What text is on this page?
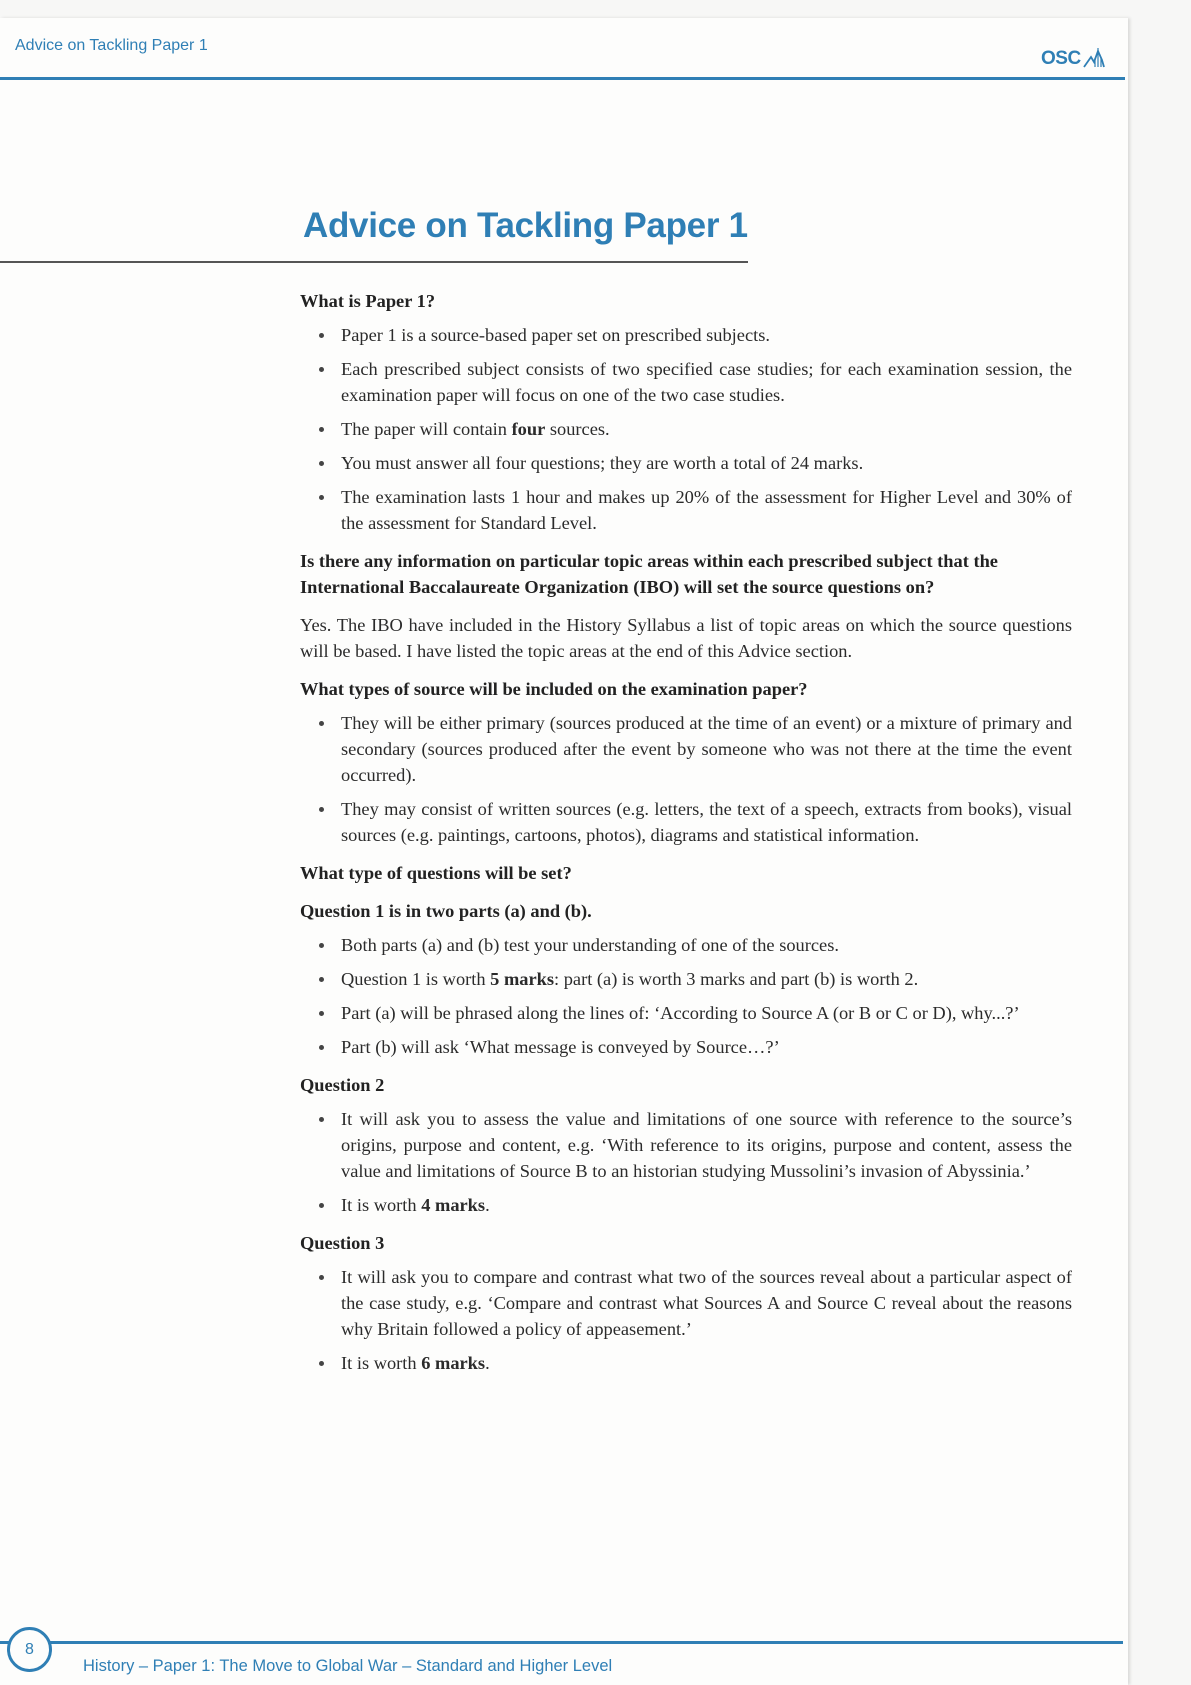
Advice on Tackling Paper 1
OSC
Advice on Tackling Paper 1
What is Paper 1?
Paper 1 is a source-based paper set on prescribed subjects.
Each prescribed subject consists of two specified case studies; for each examination session, the examination paper will focus on one of the two case studies.
The paper will contain four sources.
You must answer all four questions; they are worth a total of 24 marks.
The examination lasts 1 hour and makes up 20% of the assessment for Higher Level and 30% of the assessment for Standard Level.
Is there any information on particular topic areas within each prescribed subject that the International Baccalaureate Organization (IBO) will set the source questions on?

Yes. The IBO have included in the History Syllabus a list of topic areas on which the source questions will be based. I have listed the topic areas at the end of this Advice section.

What types of source will be included on the examination paper?
They will be either primary (sources produced at the time of an event) or a mixture of primary and secondary (sources produced after the event by someone who was not there at the time the event occurred).
They may consist of written sources (e.g. letters, the text of a speech, extracts from books), visual sources (e.g. paintings, cartoons, photos), diagrams and statistical information.
What type of questions will be set?
Question 1 is in two parts (a) and (b).
Both parts (a) and (b) test your understanding of one of the sources.
Question 1 is worth 5 marks: part (a) is worth 3 marks and part (b) is worth 2.
Part (a) will be phrased along the lines of: ‘According to Source A (or B or C or D), why...?’
Part (b) will ask ‘What message is conveyed by Source…?’
Question 2
It will ask you to assess the value and limitations of one source with reference to the source’s origins, purpose and content, e.g. ‘With reference to its origins, purpose and content, assess the value and limitations of Source B to an historian studying Mussolini’s invasion of Abyssinia.’
It is worth 4 marks.
Question 3
It will ask you to compare and contrast what two of the sources reveal about a particular aspect of the case study, e.g. ‘Compare and contrast what Sources A and Source C reveal about the reasons why Britain followed a policy of appeasement.’
It is worth 6 marks.
8
History – Paper 1: The Move to Global War – Standard and Higher Level
